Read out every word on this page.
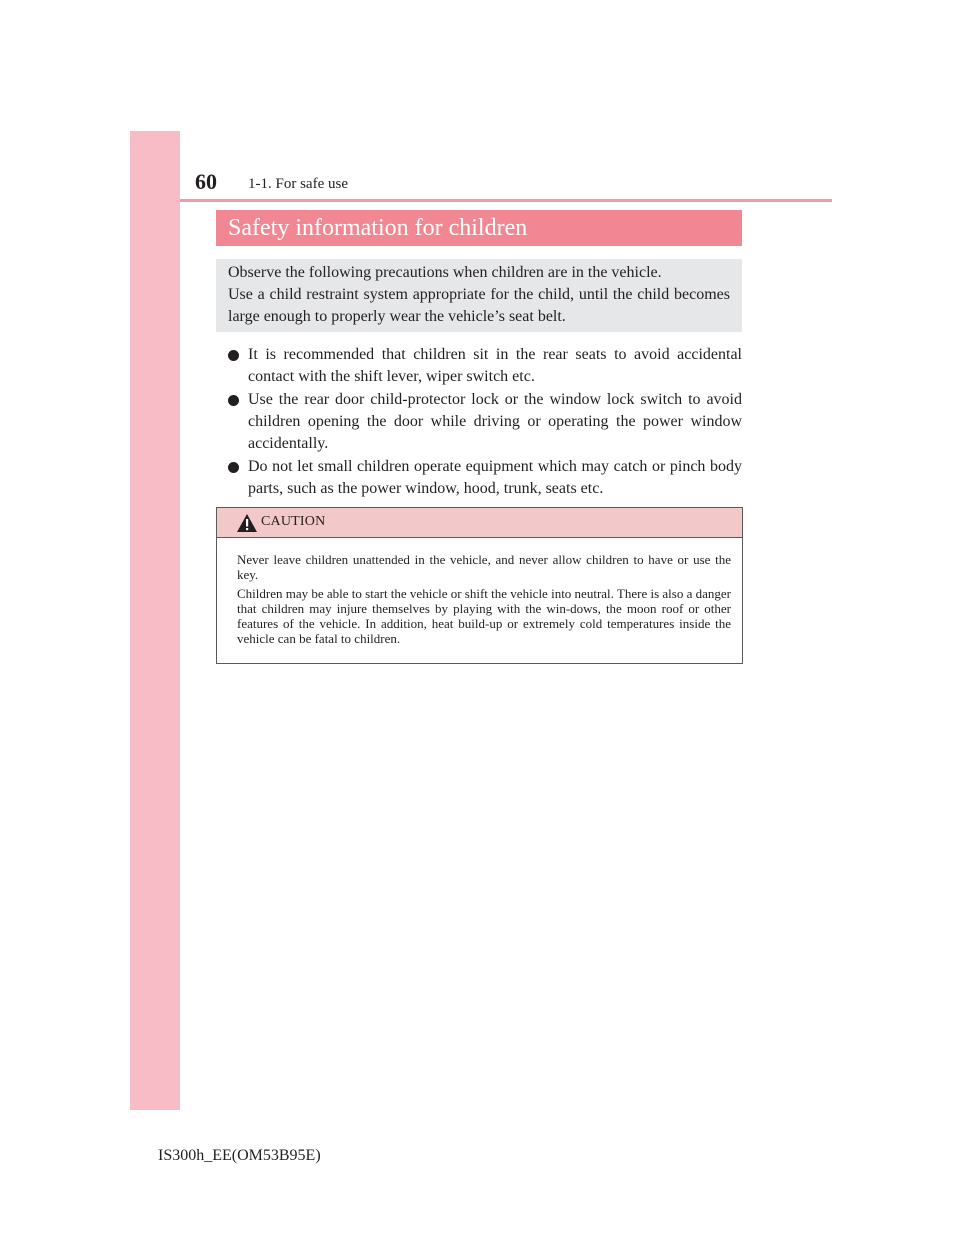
60 1-1. For safe use
Safety information for children

Observe the following precautions when children are in the vehicle.

Use a child restraint system appropriate for the child, until the child becomes large enough to properly wear the vehicle’s seat belt.

It is recommended that children sit in the rear seats to avoid accidental contact with the shift lever, wiper switch etc.
Use the rear door child-protector lock or the window lock switch to avoid children opening the door while driving or operating the power window accidentally.
Do not let small children operate equipment which may catch or pinch body parts, such as the power window, hood, trunk, seats etc.
CAUTION

Never leave children unattended in the vehicle, and never allow children to have or use the key.

Children may be able to start the vehicle or shift the vehicle into neutral. There is also a danger that children may injure themselves by playing with the win-dows, the moon roof or other features of the vehicle. In addition, heat build-up or extremely cold temperatures inside the vehicle can be fatal to children.

IS300h_EE(OM53B95E)
